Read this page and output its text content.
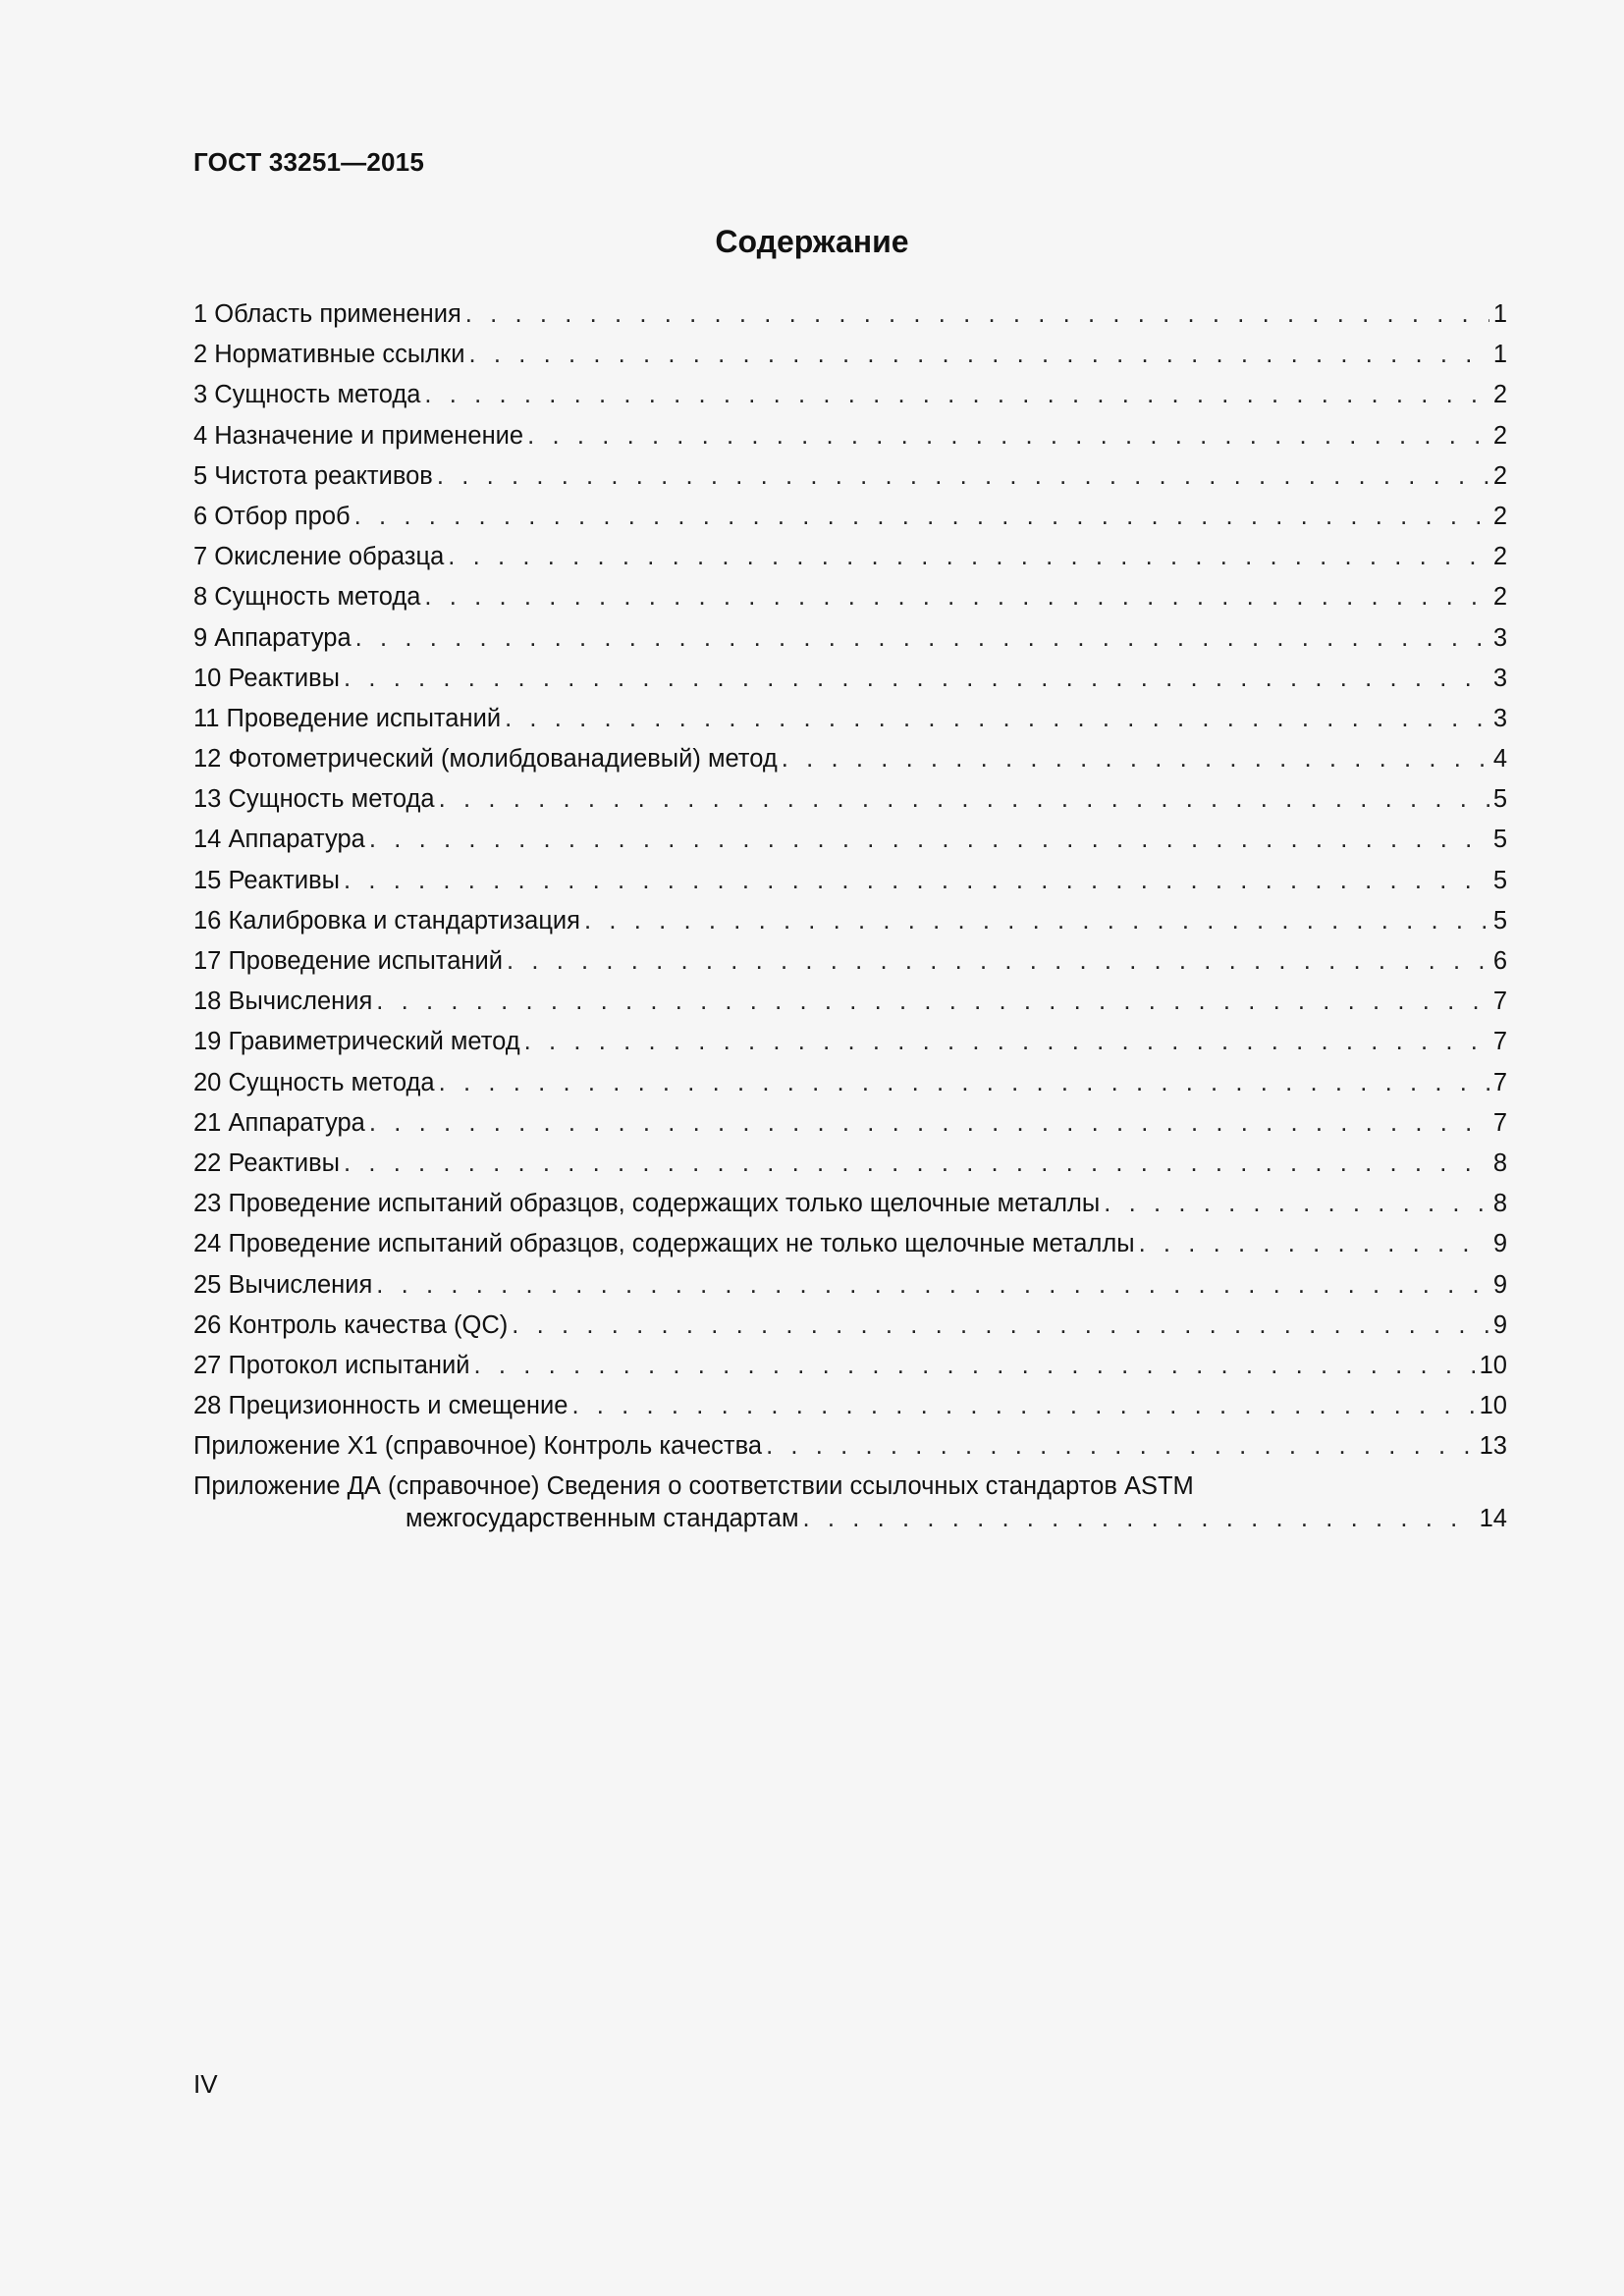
ГОСТ 33251—2015
Содержание
1 Область применения . . .	1
2 Нормативные ссылки . . .	1
3 Сущность метода . . .	2
4 Назначение и применение . . .	2
5 Чистота реактивов . . .	2
6 Отбор проб . . .	2
7 Окисление образца . . .	2
8 Сущность метода . . .	2
9 Аппаратура . . .	3
10 Реактивы . . .	3
11 Проведение испытаний . . .	3
12 Фотометрический (молибдованадиевый) метод . . .	4
13 Сущность метода . . .	5
14 Аппаратура . . .	5
15 Реактивы . . .	5
16 Калибровка и стандартизация . . .	5
17 Проведение испытаний . . .	6
18 Вычисления . . .	7
19 Гравиметрический метод . . .	7
20 Сущность метода . . .	7
21 Аппаратура . . .	7
22 Реактивы . . .	8
23 Проведение испытаний образцов, содержащих только щелочные металлы . . .	8
24 Проведение испытаний образцов, содержащих не только щелочные металлы . . .	9
25 Вычисления . . .	9
26 Контроль качества (QC) . . .	9
27 Протокол испытаний . . .	10
28 Прецизионность и смещение . . .	10
Приложение X1 (справочное) Контроль качества . . .	13
Приложение ДА (справочное) Сведения о соответствии ссылочных стандартов ASTM
межгосударственным стандартам . . .	14
IV
